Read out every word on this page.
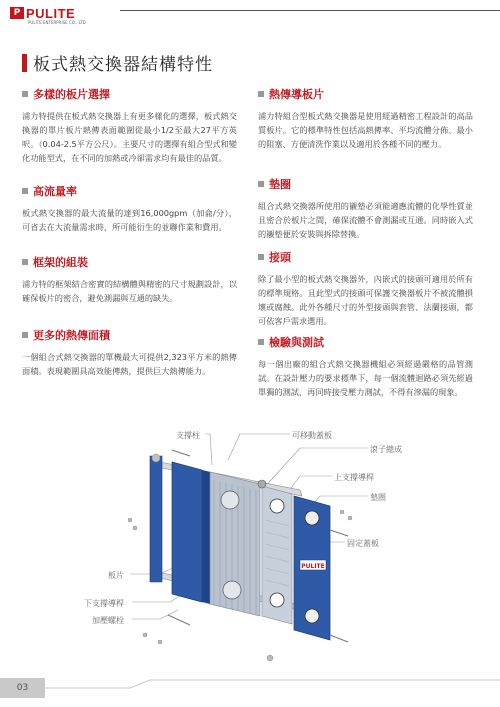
P PULITE
PULITE ENTERPRISE CO., LTD
板式熱交換器結構特性
多樣的板片選擇
浦力特提供在板式熱交換器上有更多樣化的選擇，板式熱交換器的單片板片熱傳表面範圍從最小1/2至最大27平方英呎。（0.04-2.5平方公尺）。主要尺寸的選擇有組合型式和變化功能型式，在不同的加熱或冷卻需求均有最佳的品質。
高流量率
板式熱交換器的最大流量的達到16,000gpm（加侖/分），可省去在大流量需求時，所可能衍生的並聯作業和費用。
框架的組裝
浦力特的框架結合密實的結構體與精密的尺寸規劃設計，以確保板片的密合，避免測漏與互通的缺失。
更多的熱傳面積
一個組合式熱交換器的單機最大可提供2,323平方米的熱傳面積。表現範圍具高效能傳熱，提供巨大熱傳能力。
熱傳導板片
浦力特組合型板式熱交換器是使用經過精密工程設計的高品質板片。它的標準特性包括高熱傳率、平均流體分佈、最小的阻塞、方便清洗作業以及適用於各種不同的壓力。
墊圈
組合式熱交換器所使用的襯墊必須能適應流體的化學性質並且密合於板片之間，確保流體不會測漏或互通。同時嵌入式的襯墊便於安裝與拆除替換。
接頭
除了最小型的板式熱交換器外，內嵌式的接頭可適用於所有的標準規格。且此型式的接頭可保護交換器板片不被流體損壞或腐蝕。此外各種尺寸的外型接頭與套管、法蘭接頭，都可依客戶需求選用。
檢驗與測試
每一個出廠的組合式熱交換器機組必須經過嚴格的品管測試。在設計壓力的要求標準下，每一個流體迴路必須先經過單獨的測試，再同時接受壓力測試，不得有滲漏的現象。
PULITE
支撐柱	可移動蓋板
滾子總成
上支撐導桿
墊圈
固定蓋板
板片
下支撐導桿
加壓螺栓
03
